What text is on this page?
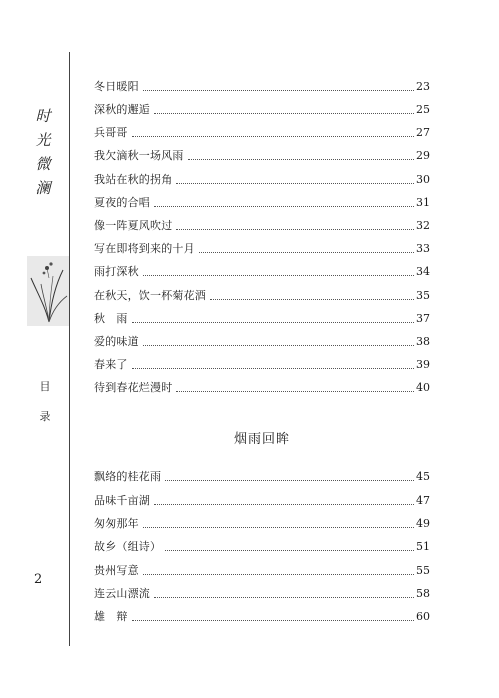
时
光
微
澜
目
录
2
冬日暖阳	23
深秋的邂逅	25
兵哥哥	27
我欠滴秋一场风雨	29
我站在秋的拐角	30
夏夜的合唱	31
像一阵夏风吹过	32
写在即将到来的十月	33
雨打深秋	34
在秋天，饮一杯菊花酒	35
秋　雨	37
爱的味道	38
春来了	39
待到春花烂漫时	40
烟雨回眸
飘络的桂花雨	45
品味千亩湖	47
匆匆那年	49
故乡（组诗）	51
贵州写意	55
连云山漂流	58
雄　辩	60
